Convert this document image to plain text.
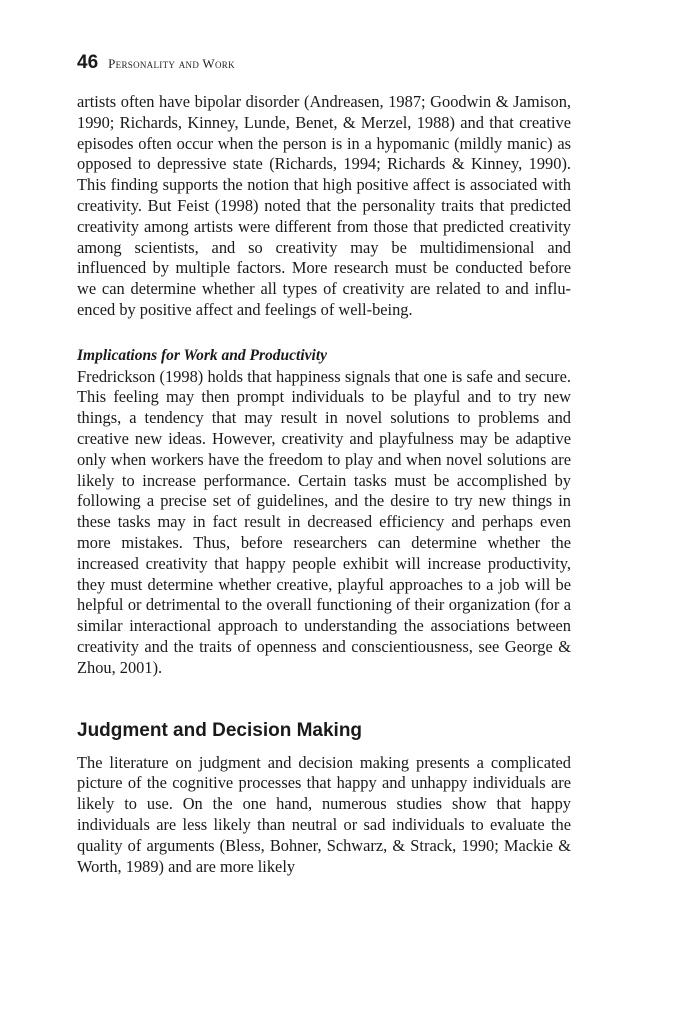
46 Personality and Work

artists often have bipolar disorder (Andreasen, 1987; Goodwin & Jamison, 1990; Richards, Kinney, Lunde, Benet, & Merzel, 1988) and that creative episodes often occur when the person is in a hypomanic (mildly manic) as opposed to depressive state (Richards, 1994; Richards & Kinney, 1990). This finding supports the notion that high positive affect is associated with creativity. But Feist (1998) noted that the personality traits that predicted creativity among artists were different from those that predicted creativity among scientists, and so creativity may be multidimensional and influenced by multiple factors. More research must be conducted before we can determine whether all types of creativity are related to and influenced by positive affect and feelings of well-being.

Implications for Work and Productivity

Fredrickson (1998) holds that happiness signals that one is safe and secure. This feeling may then prompt individuals to be playful and to try new things, a tendency that may result in novel solutions to problems and creative new ideas. However, creativity and playfulness may be adaptive only when workers have the freedom to play and when novel solutions are likely to increase performance. Certain tasks must be accomplished by following a precise set of guidelines, and the desire to try new things in these tasks may in fact result in decreased efficiency and perhaps even more mistakes. Thus, before researchers can determine whether the increased creativity that happy people exhibit will increase productivity, they must determine whether creative, playful approaches to a job will be helpful or detrimental to the overall functioning of their organization (for a similar interactional approach to understanding the associations between creativity and the traits of openness and conscientiousness, see George & Zhou, 2001).

Judgment and Decision Making

The literature on judgment and decision making presents a complicated picture of the cognitive processes that happy and unhappy individuals are likely to use. On the one hand, numerous studies show that happy individuals are less likely than neutral or sad individuals to evaluate the quality of arguments (Bless, Bohner, Schwarz, & Strack, 1990; Mackie & Worth, 1989) and are more likely
